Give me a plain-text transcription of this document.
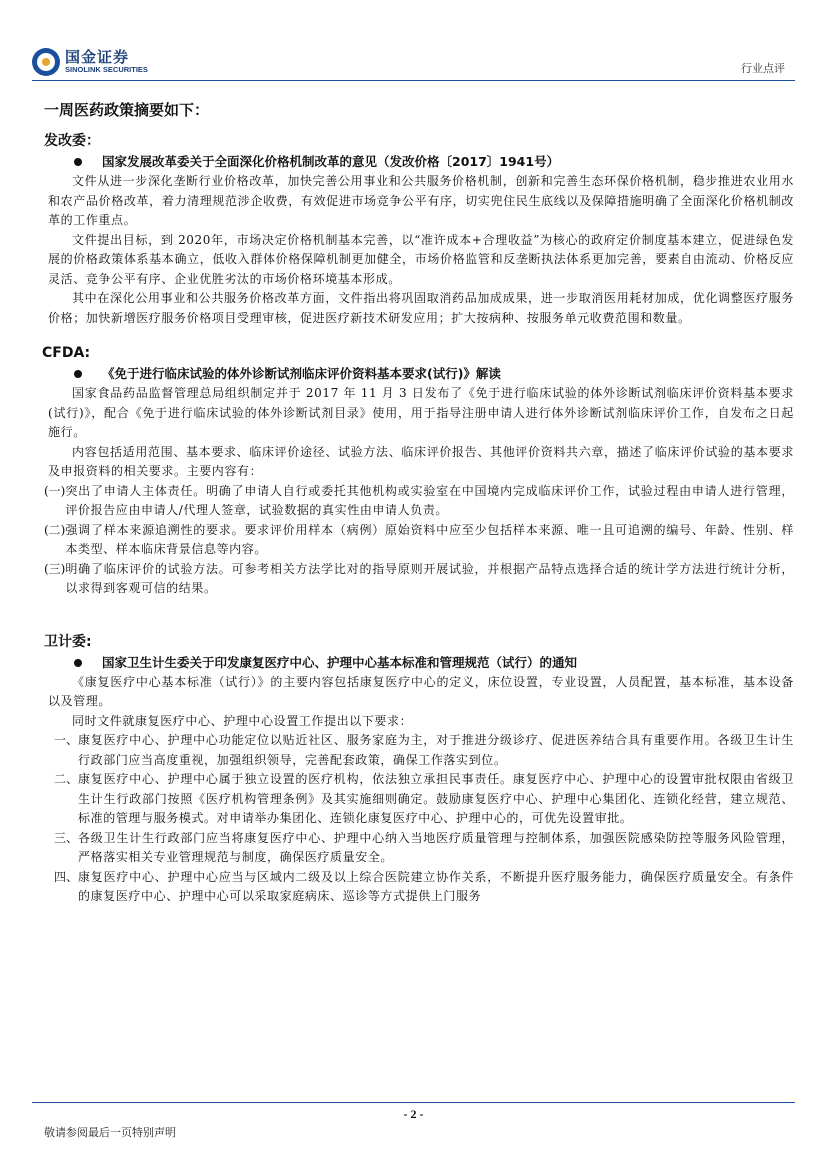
国金证券
SINOLINK SECURITIES	行业点评
一周医药政策摘要如下：
发改委：
国家发展改革委关于全面深化价格机制改革的意见（发改价格〔2017〕1941号）

文件从进一步深化垄断行业价格改革，加快完善公用事业和公共服务价格机制，创新和完善生态环保价格机制，稳步推进农业用水和农产品价格改革，着力清理规范涉企收费，有效促进市场竞争公平有序，切实兜住民生底线以及保障措施明确了全面深化价格机制改革的工作重点。

文件提出目标，到 2020年，市场决定价格机制基本完善，以“准许成本+合理收益”为核心的政府定价制度基本建立，促进绿色发展的价格政策体系基本确立，低收入群体价格保障机制更加健全，市场价格监管和反垄断执法体系更加完善，要素自由流动、价格反应灵活、竞争公平有序、企业优胜劣汰的市场价格环境基本形成。

其中在深化公用事业和公共服务价格改革方面，文件指出将巩固取消药品加成成果，进一步取消医用耗材加成，优化调整医疗服务价格；加快新增医疗服务价格项目受理审核，促进医疗新技术研发应用；扩大按病种、按服务单元收费范围和数量。

CFDA:
《免于进行临床试验的体外诊断试剂临床评价资料基本要求(试行)》解读

国家食品药品监督管理总局组织制定并于 2017 年 11 月 3 日发布了《免于进行临床试验的体外诊断试剂临床评价资料基本要求(试行)》，配合《免于进行临床试验的体外诊断试剂目录》使用，用于指导注册申请人进行体外诊断试剂临床评价工作，自发布之日起施行。

内容包括适用范围、基本要求、临床评价途径、试验方法、临床评价报告、其他评价资料共六章，描述了临床评价试验的基本要求及申报资料的相关要求。主要内容有：

(一) 突出了申请人主体责任。明确了申请人自行或委托其他机构或实验室在中国境内完成临床评价工作，试验过程由申请人进行管理，评价报告应由申请人/代理人签章，试验数据的真实性由申请人负责。
(二) 强调了样本来源追溯性的要求。要求评价用样本（病例）原始资料中应至少包括样本来源、唯一且可追溯的编号、年龄、性别、样本类型、样本临床背景信息等内容。
(三) 明确了临床评价的试验方法。可参考相关方法学比对的指导原则开展试验，并根据产品特点选择合适的统计学方法进行统计分析，以求得到客观可信的结果。
卫计委:
国家卫生计生委关于印发康复医疗中心、护理中心基本标准和管理规范（试行）的通知

《康复医疗中心基本标准（试行）》的主要内容包括康复医疗中心的定义，床位设置，专业设置，人员配置，基本标准，基本设备以及管理。

同时文件就康复医疗中心、护理中心设置工作提出以下要求：

一、 康复医疗中心、护理中心功能定位以贴近社区、服务家庭为主，对于推进分级诊疗、促进医养结合具有重要作用。各级卫生计生行政部门应当高度重视，加强组织领导，完善配套政策，确保工作落实到位。
二、 康复医疗中心、护理中心属于独立设置的医疗机构，依法独立承担民事责任。康复医疗中心、护理中心的设置审批权限由省级卫生计生行政部门按照《医疗机构管理条例》及其实施细则确定。鼓励康复医疗中心、护理中心集团化、连锁化经营，建立规范、标准的管理与服务模式。对申请举办集团化、连锁化康复医疗中心、护理中心的，可优先设置审批。
三、 各级卫生计生行政部门应当将康复医疗中心、护理中心纳入当地医疗质量管理与控制体系，加强医院感染防控等服务风险管理，严格落实相关专业管理规范与制度，确保医疗质量安全。
四、 康复医疗中心、护理中心应当与区域内二级及以上综合医院建立协作关系，不断提升医疗服务能力，确保医疗质量安全。有条件的康复医疗中心、护理中心可以采取家庭病床、巡诊等方式提供上门服务
- 2 -
敬请参阅最后一页特别声明
